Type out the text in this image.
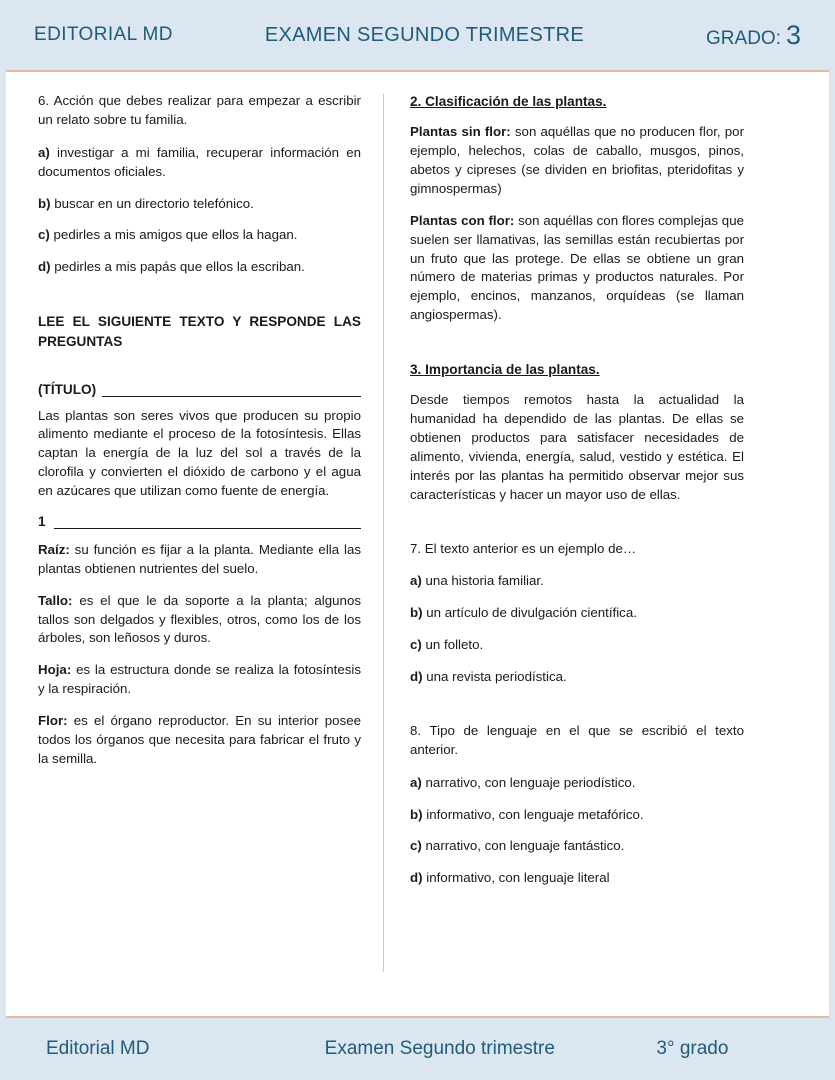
EDITORIAL MD	EXAMEN SEGUNDO TRIMESTRE	GRADO: 3

6. Acción que debes realizar para empezar a escribir un relato sobre tu familia.

a) investigar a mi familia, recuperar información en documentos oficiales.

b) buscar en un directorio telefónico.

c) pedirles a mis amigos que ellos la hagan.

d) pedirles a mis papás que ellos la escriban.

LEE EL SIGUIENTE TEXTO Y RESPONDE LAS PREGUNTAS

(TÍTULO)

Las plantas son seres vivos que producen su propio alimento mediante el proceso de la fotosíntesis. Ellas captan la energía de la luz del sol a través de la clorofila y convierten el dióxido de carbono y el agua en azúcares que utilizan como fuente de energía.

1

Raíz: su función es fijar a la planta. Mediante ella las plantas obtienen nutrientes del suelo.

Tallo: es el que le da soporte a la planta; algunos tallos son delgados y flexibles, otros, como los de los árboles, son leñosos y duros.

Hoja: es la estructura donde se realiza la fotosíntesis y la respiración.

Flor: es el órgano reproductor. En su interior posee todos los órganos que necesita para fabricar el fruto y la semilla.

2. Clasificación de las plantas.

Plantas sin flor: son aquéllas que no producen flor, por ejemplo, helechos, colas de caballo, musgos, pinos, abetos y cipreses (se dividen en briofitas, pteridofitas y gimnospermas)

Plantas con flor: son aquéllas con flores complejas que suelen ser llamativas, las semillas están recubiertas por un fruto que las protege. De ellas se obtiene un gran número de materias primas y productos naturales. Por ejemplo, encinos, manzanos, orquídeas (se llaman angiospermas).

3. Importancia de las plantas.

Desde tiempos remotos hasta la actualidad la humanidad ha dependido de las plantas. De ellas se obtienen productos para satisfacer necesidades de alimento, vivienda, energía, salud, vestido y estética. El interés por las plantas ha permitido observar mejor sus características y hacer un mayor uso de ellas.

7. El texto anterior es un ejemplo de…

a) una historia familiar.

b) un artículo de divulgación científica.

c) un folleto.

d) una revista periodística.

8. Tipo de lenguaje en el que se escribió el texto anterior.

a) narrativo, con lenguaje periodístico.

b) informativo, con lenguaje metafórico.

c) narrativo, con lenguaje fantástico.

d) informativo, con lenguaje literal

Editorial MD	Examen Segundo trimestre	3° grado
